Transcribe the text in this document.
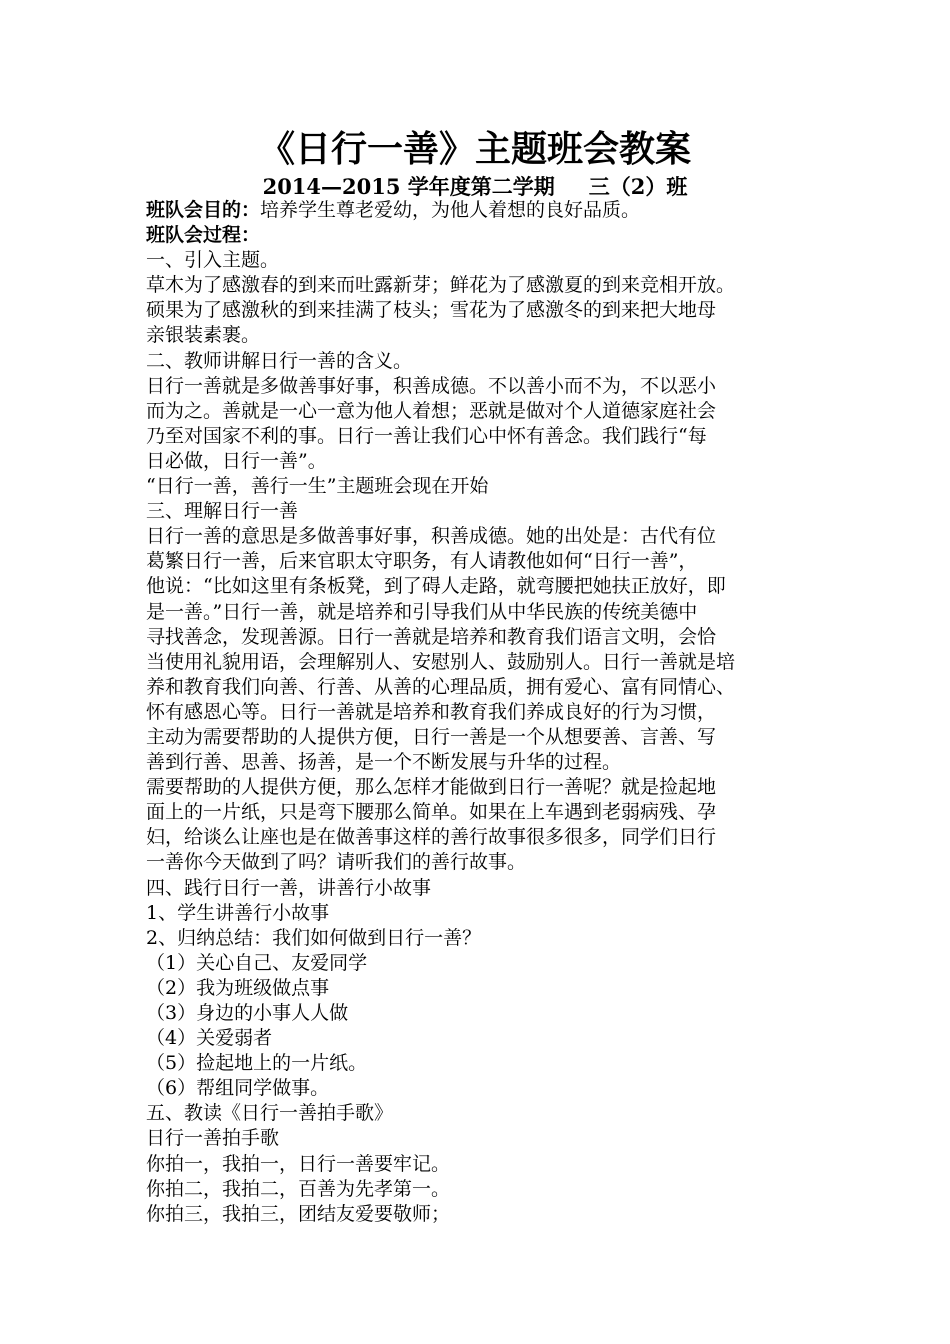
《日行一善》主题班会教案
2014—2015 学年度第二学期 三（2）班
班队会目的：培养学生尊老爱幼，为他人着想的良好品质。
班队会过程：
一、引入主题。
草木为了感激春的到来而吐露新芽；鲜花为了感激夏的到来竞相开放。
硕果为了感激秋的到来挂满了枝头；雪花为了感激冬的到来把大地母
亲银装素裹。
二、教师讲解日行一善的含义。
日行一善就是多做善事好事，积善成德。不以善小而不为，不以恶小
而为之。善就是一心一意为他人着想；恶就是做对个人道德家庭社会
乃至对国家不利的事。日行一善让我们心中怀有善念。我们践行“每
日必做，日行一善”。
“日行一善，善行一生”主题班会现在开始
三、理解日行一善
日行一善的意思是多做善事好事，积善成德。她的出处是：古代有位
葛繁日行一善，后来官职太守职务，有人请教他如何“日行一善”，
他说：“比如这里有条板凳，到了碍人走路，就弯腰把她扶正放好，即
是一善。”日行一善，就是培养和引导我们从中华民族的传统美德中
寻找善念，发现善源。日行一善就是培养和教育我们语言文明，会恰
当使用礼貌用语，会理解别人、安慰别人、鼓励别人。日行一善就是培
养和教育我们向善、行善、从善的心理品质，拥有爱心、富有同情心、
怀有感恩心等。日行一善就是培养和教育我们养成良好的行为习惯，
主动为需要帮助的人提供方便，日行一善是一个从想要善、言善、写
善到行善、思善、扬善，是一个不断发展与升华的过程。
需要帮助的人提供方便，那么怎样才能做到日行一善呢？就是捡起地
面上的一片纸，只是弯下腰那么简单。如果在上车遇到老弱病残、孕
妇，给谈么让座也是在做善事这样的善行故事很多很多，同学们日行
一善你今天做到了吗？请听我们的善行故事。
四、践行日行一善，讲善行小故事
1、学生讲善行小故事
2、归纳总结：我们如何做到日行一善？
（1）关心自己、友爱同学
（2）我为班级做点事
（3）身边的小事人人做
（4）关爱弱者
（5）捡起地上的一片纸。
（6）帮组同学做事。
五、教读《日行一善拍手歌》
日行一善拍手歌
你拍一，我拍一，日行一善要牢记。
你拍二，我拍二，百善为先孝第一。
你拍三，我拍三，团结友爱要敬师；
